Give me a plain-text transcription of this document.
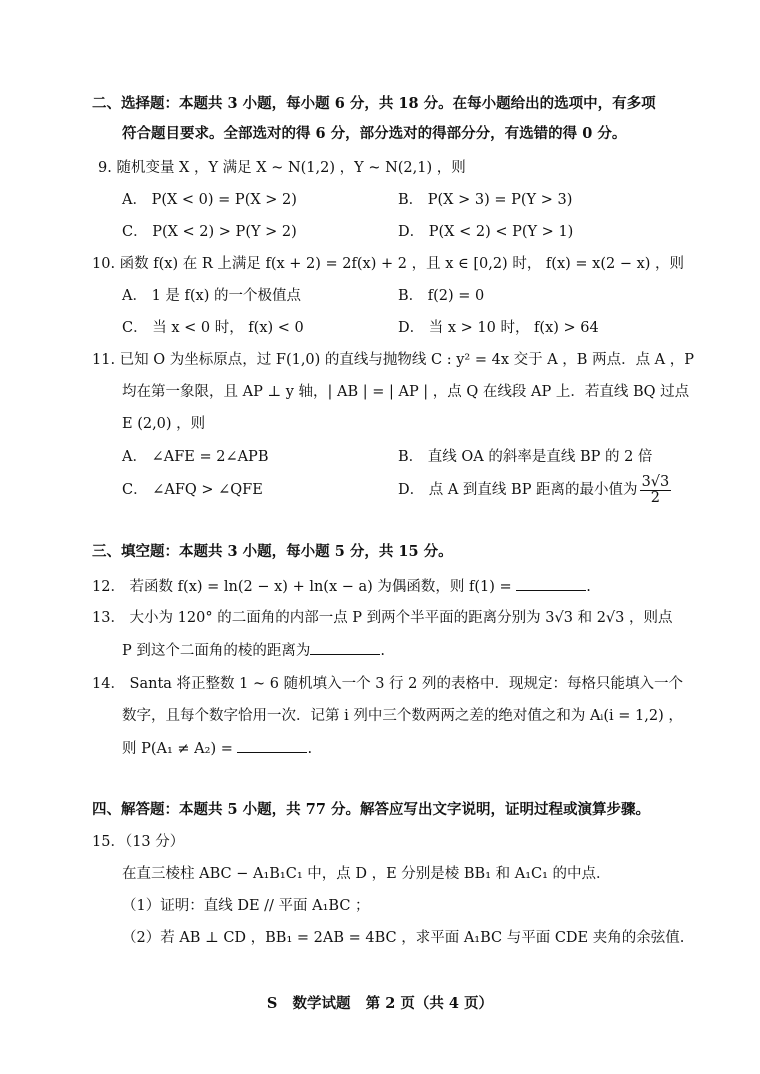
二、选择题：本题共 3 小题，每小题 6 分，共 18 分。在每小题给出的选项中，有多项
符合题目要求。全部选对的得 6 分，部分选对的得部分分，有选错的得 0 分。
9. 随机变量 X ，Y 满足 X ~ N(1,2) ，Y ~ N(2,1) ，则
A． P(X < 0) = P(X > 2)	B． P(X > 3) = P(Y > 3)
C． P(X < 2) > P(Y > 2)	D． P(X < 2) < P(Y > 1)
10. 函数 f(x) 在 R 上满足 f(x + 2) = 2f(x) + 2 ，且 x ∈ [0,2) 时， f(x) = x(2 − x) ，则
A． 1 是 f(x) 的一个极值点	B． f(2) = 0
C． 当 x < 0 时， f(x) < 0	D． 当 x > 10 时， f(x) > 64
11. 已知 O 为坐标原点，过 F(1,0) 的直线与抛物线 C : y² = 4x 交于 A ，B 两点．点 A ，P
均在第一象限，且 AP ⊥ y 轴，| AB | = | AP | ，点 Q 在线段 AP 上．若直线 BQ 过点
E (2,0) ，则
A． ∠AFE = 2∠APB	B． 直线 OA 的斜率是直线 BP 的 2 倍
C． ∠AFQ > ∠QFE	D． 点 A 到直线 BP 距离的最小值为 $\frac{3√3}{2}$
三、填空题：本题共 3 小题，每小题 5 分，共 15 分。
12． 若函数 f(x) = ln(2 − x) + ln(x − a) 为偶函数，则 f(1) =	.
13． 大小为 120° 的二面角的内部一点 P 到两个半平面的距离分别为 3√3 和 2√3 ，则点
P 到这个二面角的棱的距离为	.
14． Santa 将正整数 1 ~ 6 随机填入一个 3 行 2 列的表格中．现规定：每格只能填入一个
数字，且每个数字恰用一次．记第 i 列中三个数两两之差的绝对值之和为 Aᵢ(i = 1,2) ，
则 P(A₁ ≠ A₂) =	.
四、解答题：本题共 5 小题，共 77 分。解答应写出文字说明，证明过程或演算步骤。
15．（13 分）
在直三棱柱 ABC − A₁B₁C₁ 中，点 D ，E 分别是棱 BB₁ 和 A₁C₁ 的中点．
（1）证明：直线 DE // 平面 A₁BC ；
（2）若 AB ⊥ CD ，BB₁ = 2AB = 4BC ，求平面 A₁BC 与平面 CDE 夹角的余弦值.
S   数学试题   第 2 页（共 4 页）
